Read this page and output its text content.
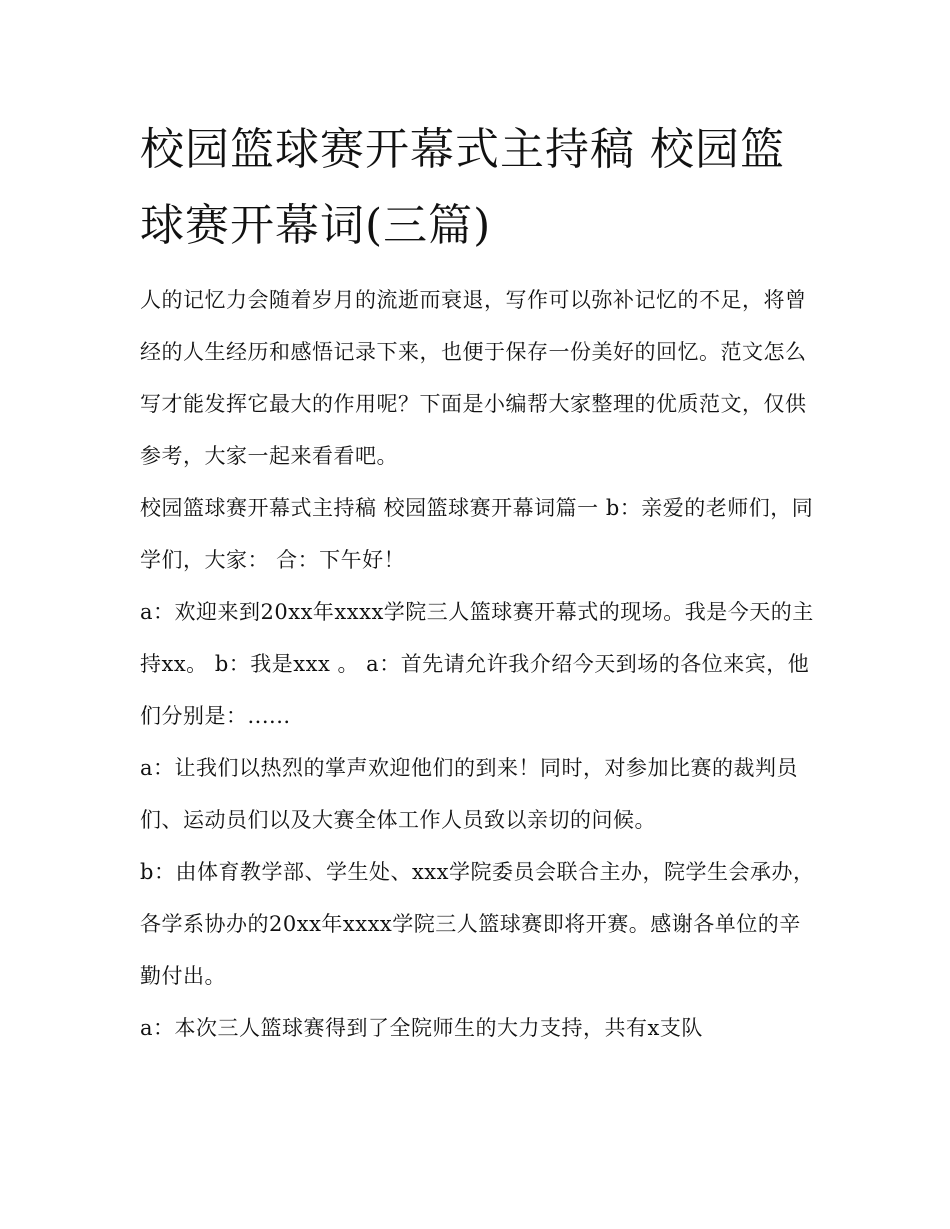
校园篮球赛开幕式主持稿 校园篮球赛开幕词(三篇)

人的记忆力会随着岁月的流逝而衰退，写作可以弥补记忆的不足，将曾经的人生经历和感悟记录下来，也便于保存一份美好的回忆。范文怎么写才能发挥它最大的作用呢？下面是小编帮大家整理的优质范文，仅供参考，大家一起来看看吧。

校园篮球赛开幕式主持稿 校园篮球赛开幕词篇一 b：亲爱的老师们，同学们，大家： 合：下午好！

a：欢迎来到20xx年xxxx学院三人篮球赛开幕式的现场。我是今天的主持xx。 b：我是xxx 。 a：首先请允许我介绍今天到场的各位来宾，他们分别是：......

a：让我们以热烈的掌声欢迎他们的到来！同时，对参加比赛的裁判员们、运动员们以及大赛全体工作人员致以亲切的问候。

b：由体育教学部、学生处、xxx学院委员会联合主办，院学生会承办，各学系协办的20xx年xxxx学院三人篮球赛即将开赛。感谢各单位的辛勤付出。

a：本次三人篮球赛得到了全院师生的大力支持，共有x支队
